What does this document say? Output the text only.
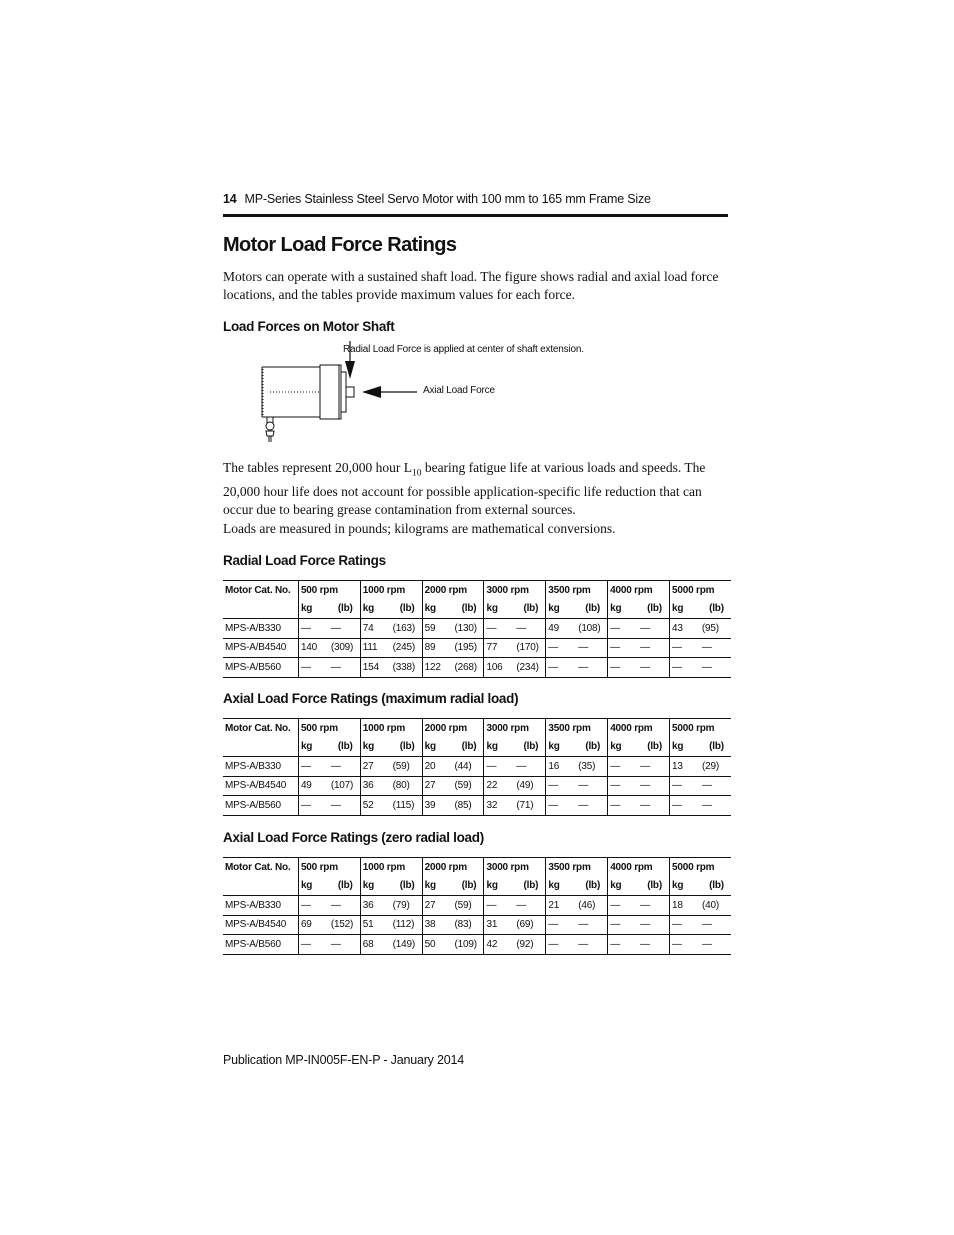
14 MP-Series Stainless Steel Servo Motor with 100 mm to 165 mm Frame Size
Motor Load Force Ratings
Motors can operate with a sustained shaft load. The figure shows radial and axial load force locations, and the tables provide maximum values for each force.
Load Forces on Motor Shaft
Radial Load Force is applied at center of shaft extension.
Axial Load Force
The tables represent 20,000 hour $L_{10}$ bearing fatigue life at various loads and speeds. The 20,000 hour life does not account for possible application-specific life reduction that can occur due to bearing grease contamination from external sources.
Loads are measured in pounds; kilograms are mathematical conversions.
Radial Load Force Ratings
Motor Cat. No.	500 rpm		1000 rpm		2000 rpm		3000 rpm		3500 rpm		4000 rpm		5000 rpm	
	kg	(lb)	kg	(lb)	kg	(lb)	kg	(lb)	kg	(lb)	kg	(lb)	kg	(lb)
MPS-A/B330	—	—	74	(163)	59	(130)	—	—	49	(108)	—	—	43	(95)
MPS-A/B4540	140	(309)	111	(245)	89	(195)	77	(170)	—	—	—	—	—	—
MPS-A/B560	—	—	154	(338)	122	(268)	106	(234)	—	—	—	—	—	—
Axial Load Force Ratings (maximum radial load)
Motor Cat. No.	500 rpm		1000 rpm		2000 rpm		3000 rpm		3500 rpm		4000 rpm		5000 rpm	
	kg	(lb)	kg	(lb)	kg	(lb)	kg	(lb)	kg	(lb)	kg	(lb)	kg	(lb)
MPS-A/B330	—	—	27	(59)	20	(44)	—	—	16	(35)	—	—	13	(29)
MPS-A/B4540	49	(107)	36	(80)	27	(59)	22	(49)	—	—	—	—	—	—
MPS-A/B560	—	—	52	(115)	39	(85)	32	(71)	—	—	—	—	—	—
Axial Load Force Ratings (zero radial load)
Motor Cat. No.	500 rpm		1000 rpm		2000 rpm		3000 rpm		3500 rpm		4000 rpm		5000 rpm	
	kg	(lb)	kg	(lb)	kg	(lb)	kg	(lb)	kg	(lb)	kg	(lb)	kg	(lb)
MPS-A/B330	—	—	36	(79)	27	(59)	—	—	21	(46)	—	—	18	(40)
MPS-A/B4540	69	(152)	51	(112)	38	(83)	31	(69)	—	—	—	—	—	—
MPS-A/B560	—	—	68	(149)	50	(109)	42	(92)	—	—	—	—	—	—
Publication MP-IN005F-EN-P - January 2014
